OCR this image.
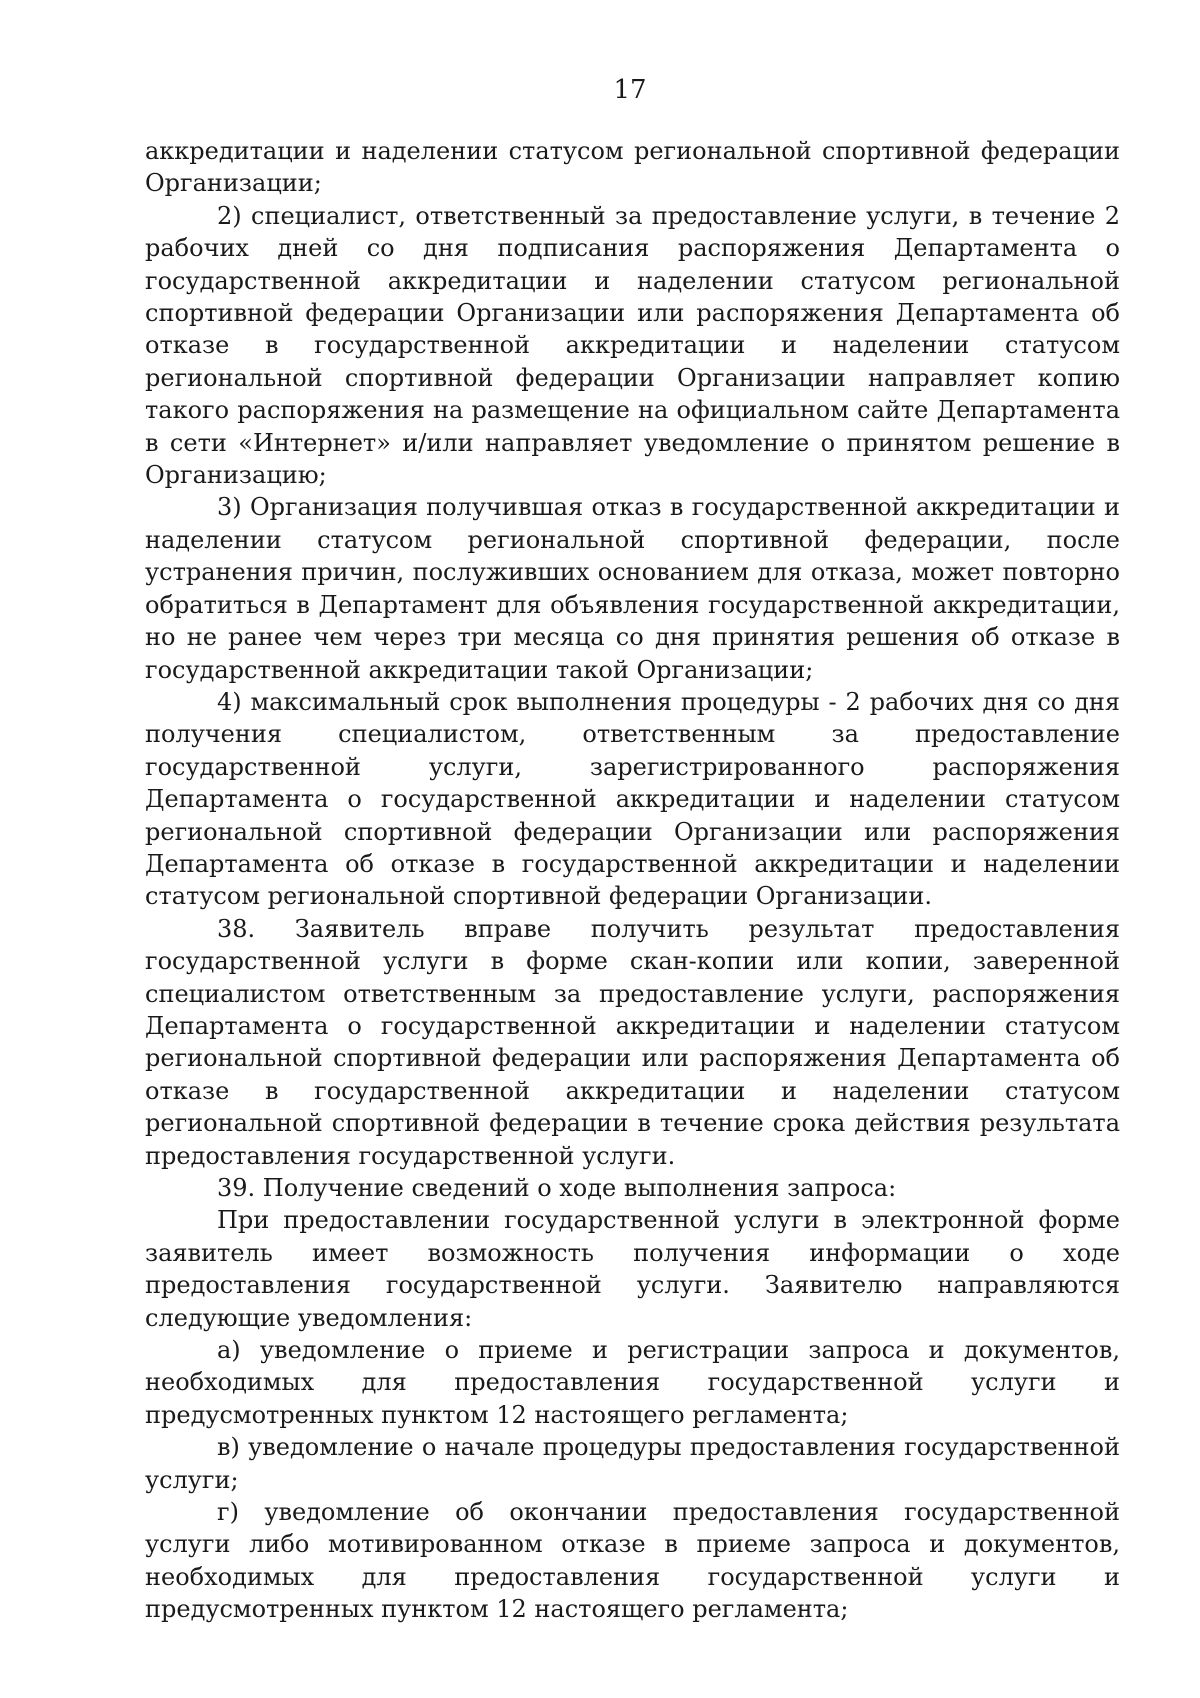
17

аккредитации и наделении статусом региональной спортивной федерации Организации;

2) специалист, ответственный за предоставление услуги, в течение 2 рабочих дней со дня подписания распоряжения Департамента о государственной аккредитации и наделении статусом региональной спортивной федерации Организации или распоряжения Департамента об отказе в государственной аккредитации и наделении статусом региональной спортивной федерации Организации направляет копию такого распоряжения на размещение на официальном сайте Департамента в сети «Интернет» и/или направляет уведомление о принятом решение в Организацию;

3) Организация получившая отказ в государственной аккредитации и наделении статусом региональной спортивной федерации, после устранения причин, послуживших основанием для отказа, может повторно обратиться в Департамент для объявления государственной аккредитации, но не ранее чем через три месяца со дня принятия решения об отказе в государственной аккредитации такой Организации;

4) максимальный срок выполнения процедуры - 2 рабочих дня со дня получения специалистом, ответственным за предоставление государственной услуги, зарегистрированного распоряжения Департамента о государственной аккредитации и наделении статусом региональной спортивной федерации Организации или распоряжения Департамента об отказе в государственной аккредитации и наделении статусом региональной спортивной федерации Организации.

38. Заявитель вправе получить результат предоставления государственной услуги в форме скан-копии или копии, заверенной специалистом ответственным за предоставление услуги, распоряжения Департамента о государственной аккредитации и наделении статусом региональной спортивной федерации или распоряжения Департамента об отказе в государственной аккредитации и наделении статусом региональной спортивной федерации в течение срока действия результата предоставления государственной услуги.

39. Получение сведений о ходе выполнения запроса:

При предоставлении государственной услуги в электронной форме заявитель имеет возможность получения информации о ходе предоставления государственной услуги. Заявителю направляются следующие уведомления:

а) уведомление о приеме и регистрации запроса и документов, необходимых для предоставления государственной услуги и предусмотренных пунктом 12 настоящего регламента;

в) уведомление о начале процедуры предоставления государственной услуги;

г) уведомление об окончании предоставления государственной услуги либо мотивированном отказе в приеме запроса и документов, необходимых для предоставления государственной услуги и предусмотренных пунктом 12 настоящего регламента;
